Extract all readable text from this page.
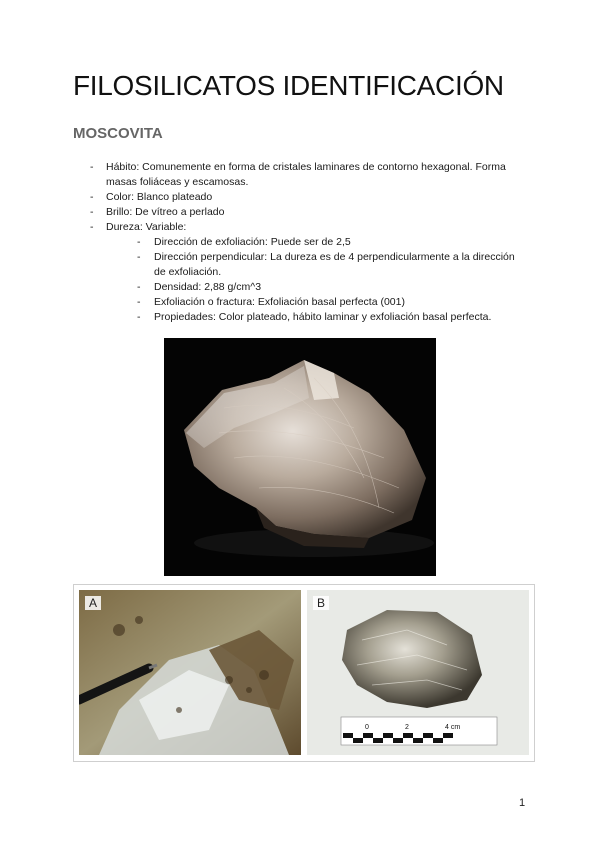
FILOSILICATOS IDENTIFICACIÓN
MOSCOVITA
- Hábito: Comunemente en forma de cristales laminares de contorno hexagonal. Forma masas foliáceas y escamosas.
- Color: Blanco plateado
- Brillo: De vítreo a perlado
- Dureza: Variable:
- Dirección de exfoliación: Puede ser de 2,5
- Dirección perpendicular: La dureza es de 4 perpendicularmente a la dirección de exfoliación.
- Densidad: 2,88 g/cm^3
- Exfoliación o fractura: Exfoliación basal perfecta (001)
- Propiedades: Color plateado, hábito laminar y exfoliación basal perfecta.
A
0	2	4 cm
B
1
